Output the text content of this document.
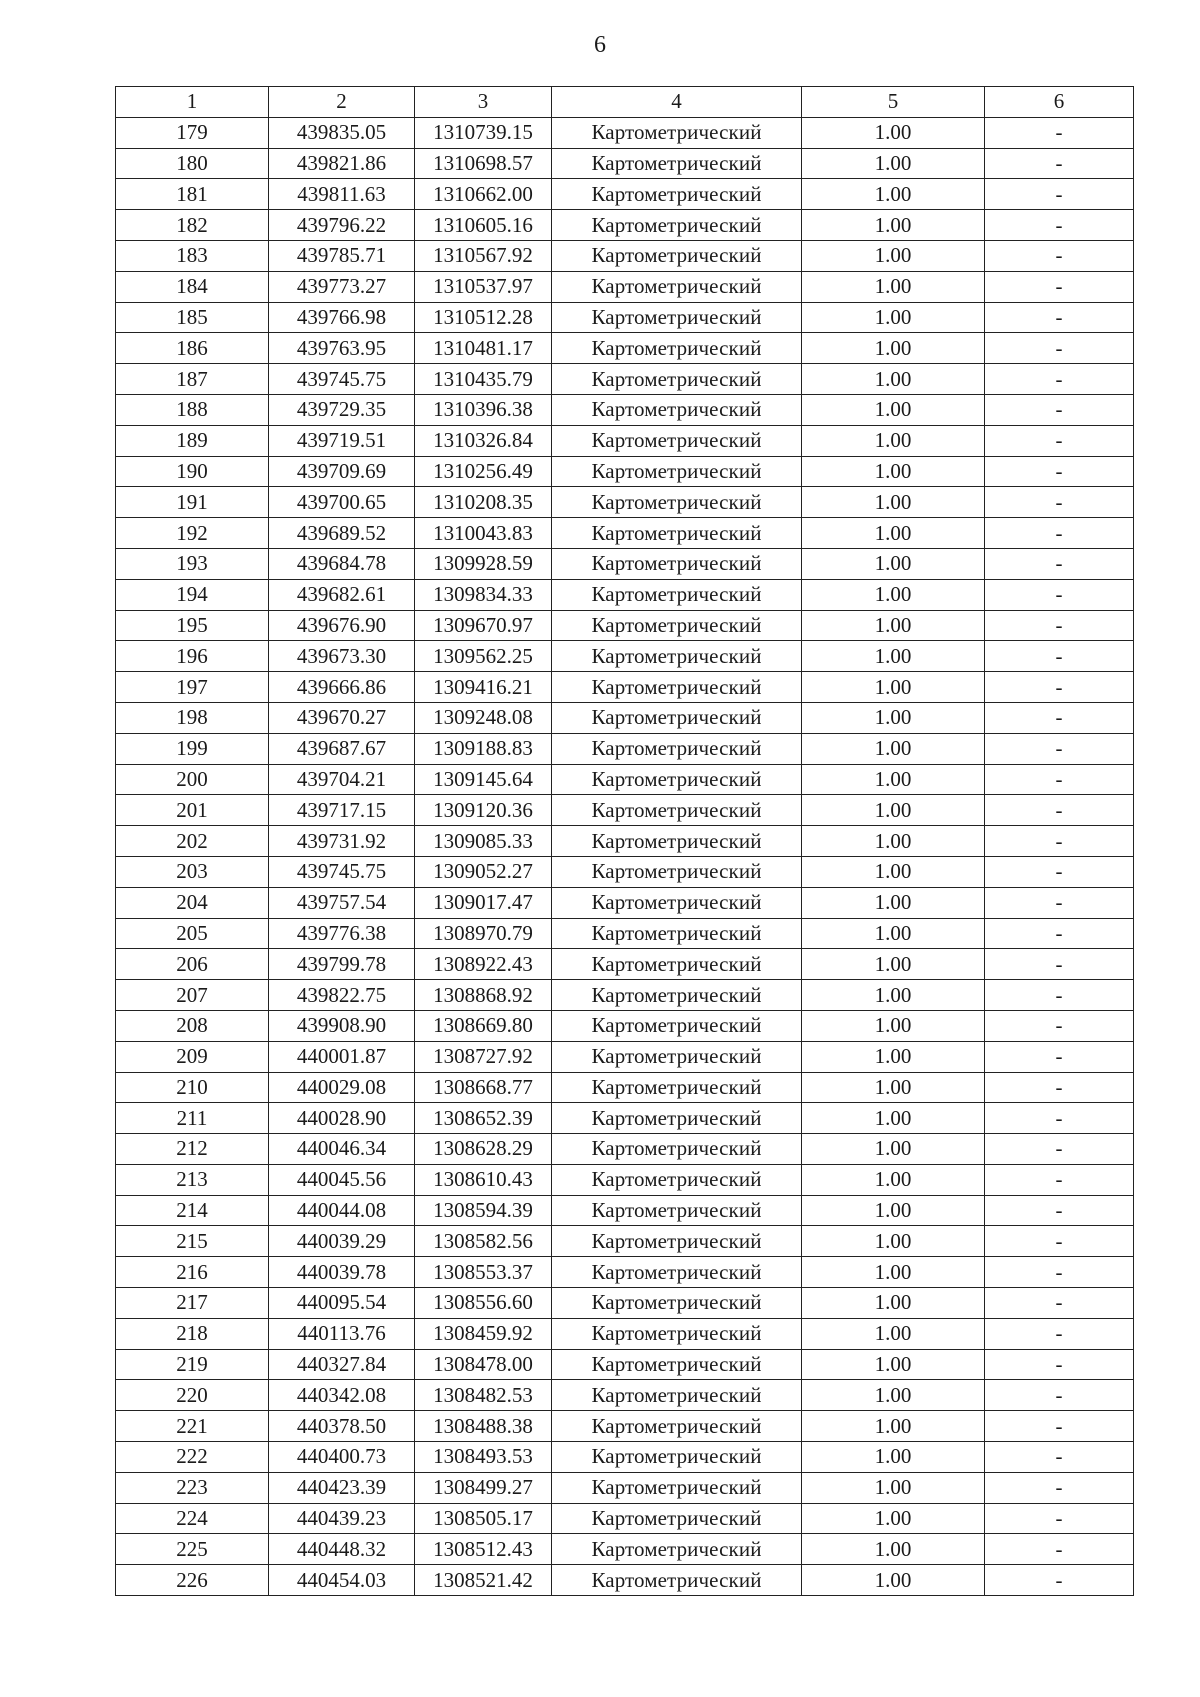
6
1	2	3	4	5	6
179	439835.05	1310739.15	Картометрический	1.00	-
180	439821.86	1310698.57	Картометрический	1.00	-
181	439811.63	1310662.00	Картометрический	1.00	-
182	439796.22	1310605.16	Картометрический	1.00	-
183	439785.71	1310567.92	Картометрический	1.00	-
184	439773.27	1310537.97	Картометрический	1.00	-
185	439766.98	1310512.28	Картометрический	1.00	-
186	439763.95	1310481.17	Картометрический	1.00	-
187	439745.75	1310435.79	Картометрический	1.00	-
188	439729.35	1310396.38	Картометрический	1.00	-
189	439719.51	1310326.84	Картометрический	1.00	-
190	439709.69	1310256.49	Картометрический	1.00	-
191	439700.65	1310208.35	Картометрический	1.00	-
192	439689.52	1310043.83	Картометрический	1.00	-
193	439684.78	1309928.59	Картометрический	1.00	-
194	439682.61	1309834.33	Картометрический	1.00	-
195	439676.90	1309670.97	Картометрический	1.00	-
196	439673.30	1309562.25	Картометрический	1.00	-
197	439666.86	1309416.21	Картометрический	1.00	-
198	439670.27	1309248.08	Картометрический	1.00	-
199	439687.67	1309188.83	Картометрический	1.00	-
200	439704.21	1309145.64	Картометрический	1.00	-
201	439717.15	1309120.36	Картометрический	1.00	-
202	439731.92	1309085.33	Картометрический	1.00	-
203	439745.75	1309052.27	Картометрический	1.00	-
204	439757.54	1309017.47	Картометрический	1.00	-
205	439776.38	1308970.79	Картометрический	1.00	-
206	439799.78	1308922.43	Картометрический	1.00	-
207	439822.75	1308868.92	Картометрический	1.00	-
208	439908.90	1308669.80	Картометрический	1.00	-
209	440001.87	1308727.92	Картометрический	1.00	-
210	440029.08	1308668.77	Картометрический	1.00	-
211	440028.90	1308652.39	Картометрический	1.00	-
212	440046.34	1308628.29	Картометрический	1.00	-
213	440045.56	1308610.43	Картометрический	1.00	-
214	440044.08	1308594.39	Картометрический	1.00	-
215	440039.29	1308582.56	Картометрический	1.00	-
216	440039.78	1308553.37	Картометрический	1.00	-
217	440095.54	1308556.60	Картометрический	1.00	-
218	440113.76	1308459.92	Картометрический	1.00	-
219	440327.84	1308478.00	Картометрический	1.00	-
220	440342.08	1308482.53	Картометрический	1.00	-
221	440378.50	1308488.38	Картометрический	1.00	-
222	440400.73	1308493.53	Картометрический	1.00	-
223	440423.39	1308499.27	Картометрический	1.00	-
224	440439.23	1308505.17	Картометрический	1.00	-
225	440448.32	1308512.43	Картометрический	1.00	-
226	440454.03	1308521.42	Картометрический	1.00	-
